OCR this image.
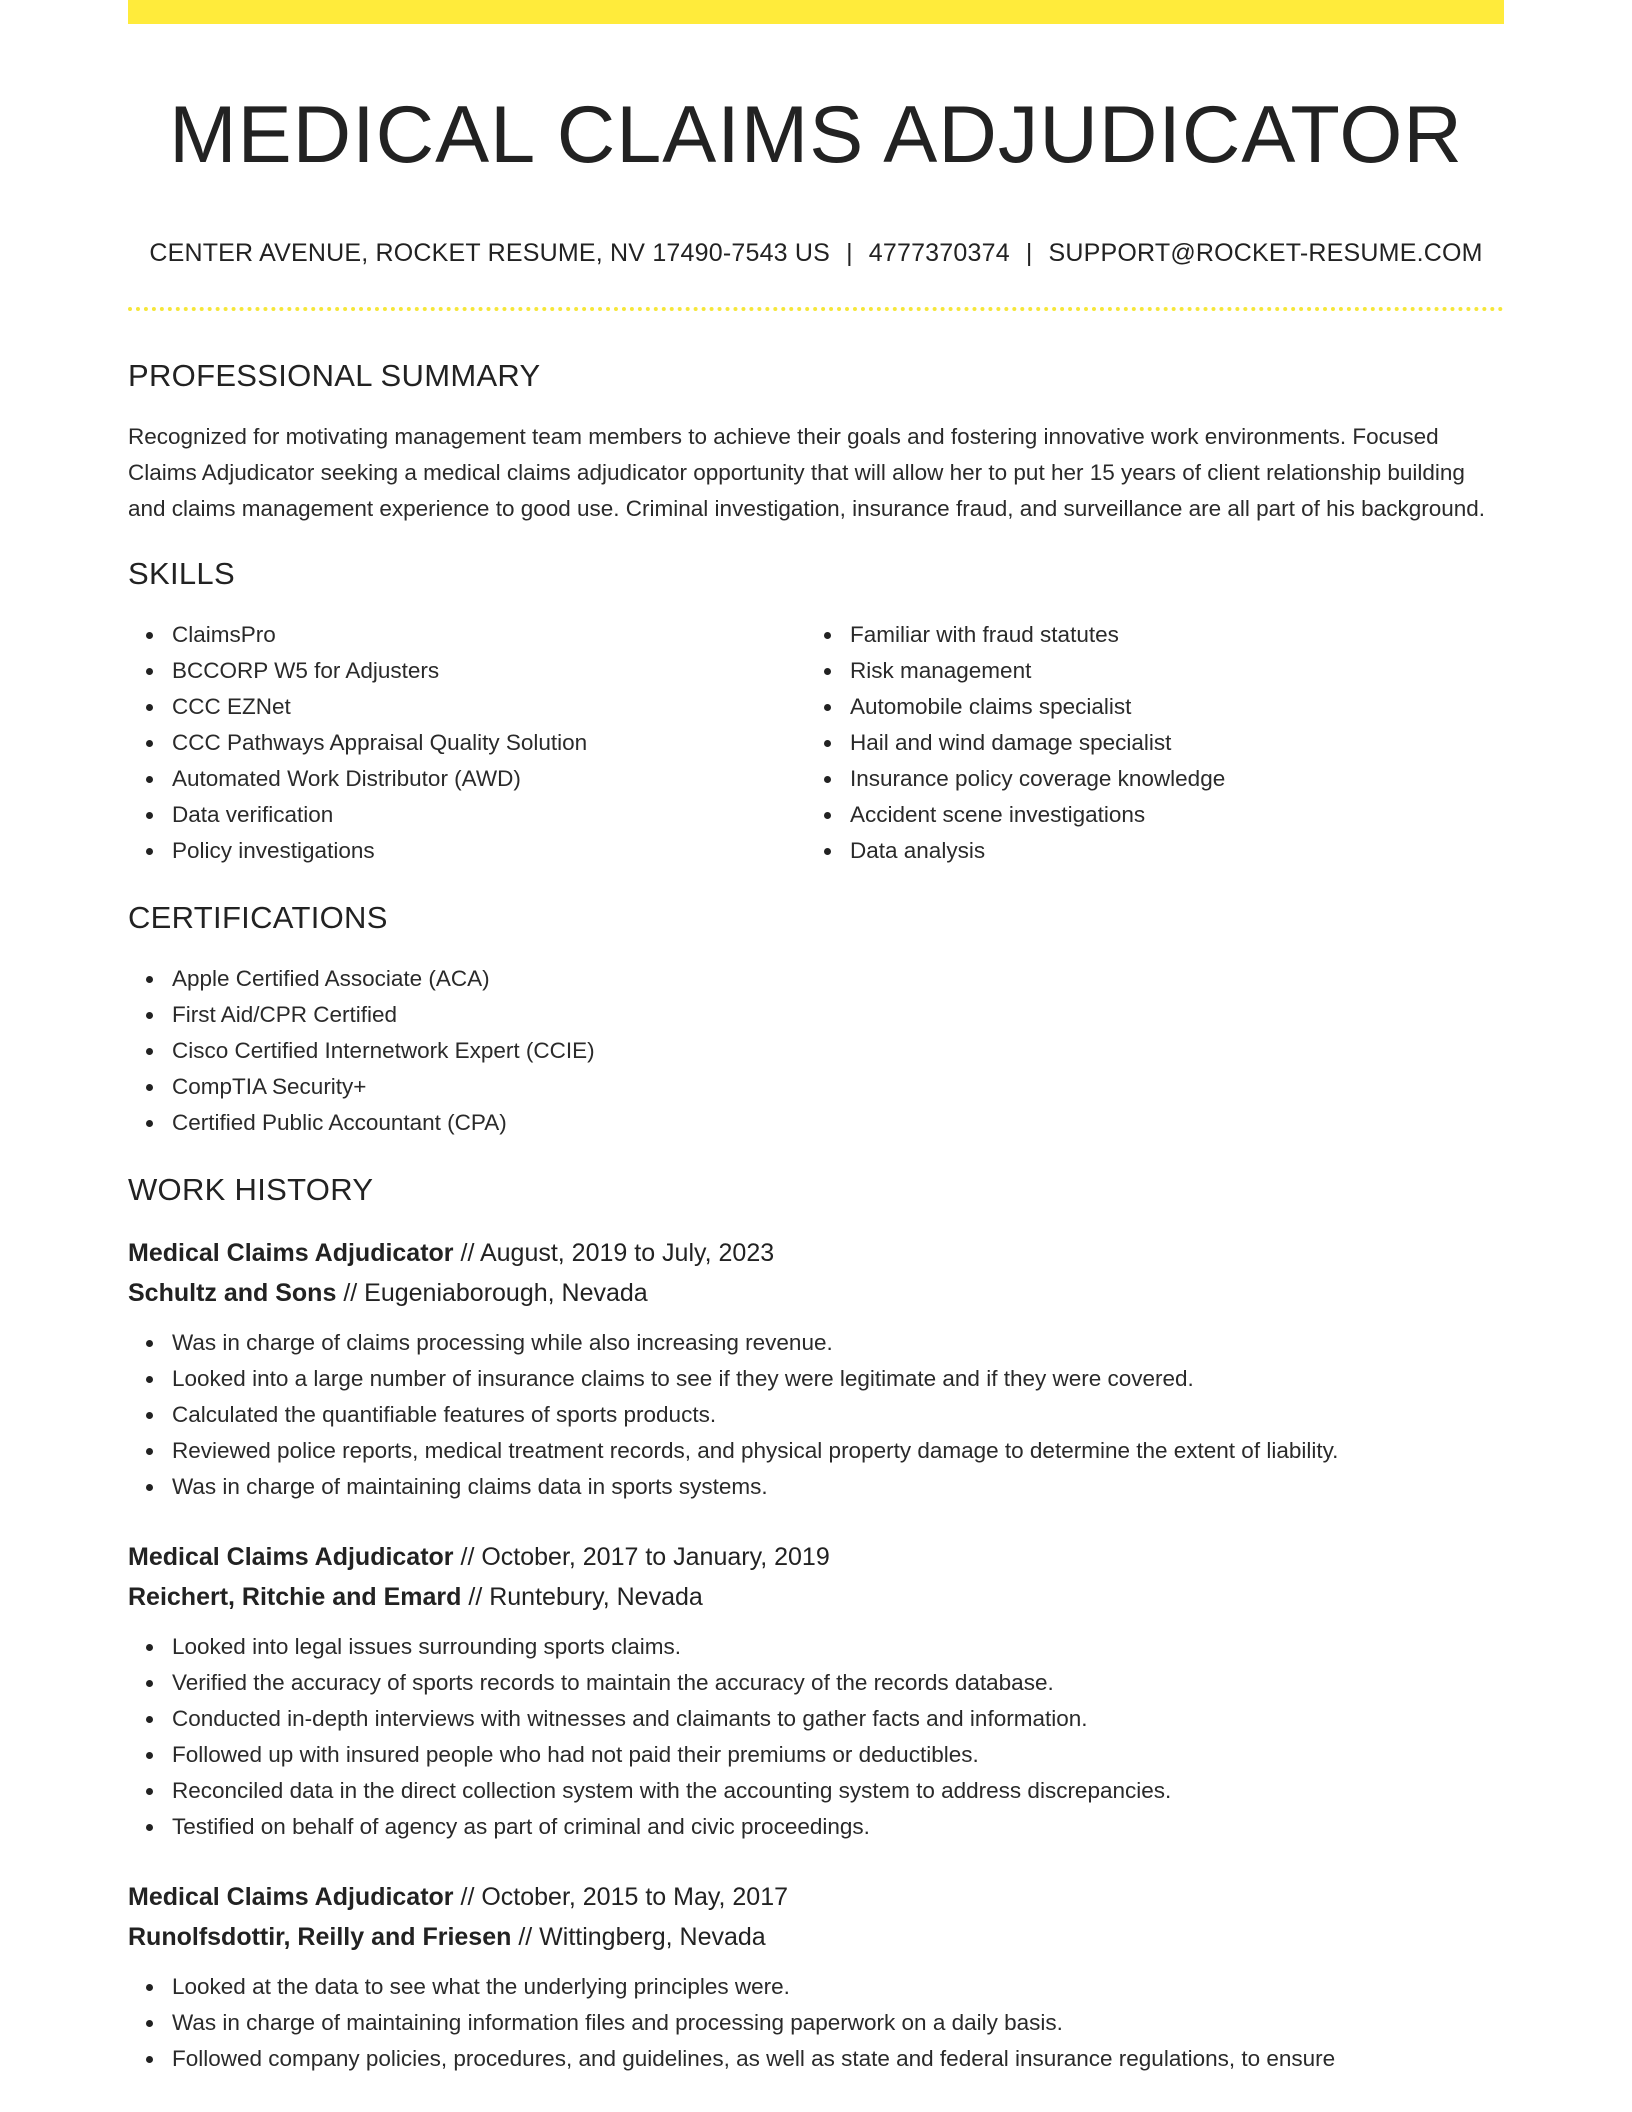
MEDICAL CLAIMS ADJUDICATOR
CENTER AVENUE, ROCKET RESUME, NV 17490-7543 US | 4777370374 | SUPPORT@ROCKET-RESUME.COM
PROFESSIONAL SUMMARY

Recognized for motivating management team members to achieve their goals and fostering innovative work environments. Focused Claims Adjudicator seeking a medical claims adjudicator opportunity that will allow her to put her 15 years of client relationship building and claims management experience to good use. Criminal investigation, insurance fraud, and surveillance are all part of his background.

SKILLS
ClaimsPro
BCCORP W5 for Adjusters
CCC EZNet
CCC Pathways Appraisal Quality Solution
Automated Work Distributor (AWD)
Data verification
Policy investigations
Familiar with fraud statutes
Risk management
Automobile claims specialist
Hail and wind damage specialist
Insurance policy coverage knowledge
Accident scene investigations
Data analysis
CERTIFICATIONS
Apple Certified Associate (ACA)
First Aid/CPR Certified
Cisco Certified Internetwork Expert (CCIE)
CompTIA Security+
Certified Public Accountant (CPA)
WORK HISTORY
Medical Claims Adjudicator // August, 2019 to July, 2023
Schultz and Sons // Eugeniaborough, Nevada
Was in charge of claims processing while also increasing revenue.
Looked into a large number of insurance claims to see if they were legitimate and if they were covered.
Calculated the quantifiable features of sports products.
Reviewed police reports, medical treatment records, and physical property damage to determine the extent of liability.
Was in charge of maintaining claims data in sports systems.
Medical Claims Adjudicator // October, 2017 to January, 2019
Reichert, Ritchie and Emard // Runtebury, Nevada
Looked into legal issues surrounding sports claims.
Verified the accuracy of sports records to maintain the accuracy of the records database.
Conducted in-depth interviews with witnesses and claimants to gather facts and information.
Followed up with insured people who had not paid their premiums or deductibles.
Reconciled data in the direct collection system with the accounting system to address discrepancies.
Testified on behalf of agency as part of criminal and civic proceedings.
Medical Claims Adjudicator // October, 2015 to May, 2017
Runolfsdottir, Reilly and Friesen // Wittingberg, Nevada
Looked at the data to see what the underlying principles were.
Was in charge of maintaining information files and processing paperwork on a daily basis.
Followed company policies, procedures, and guidelines, as well as state and federal insurance regulations, to ensure
